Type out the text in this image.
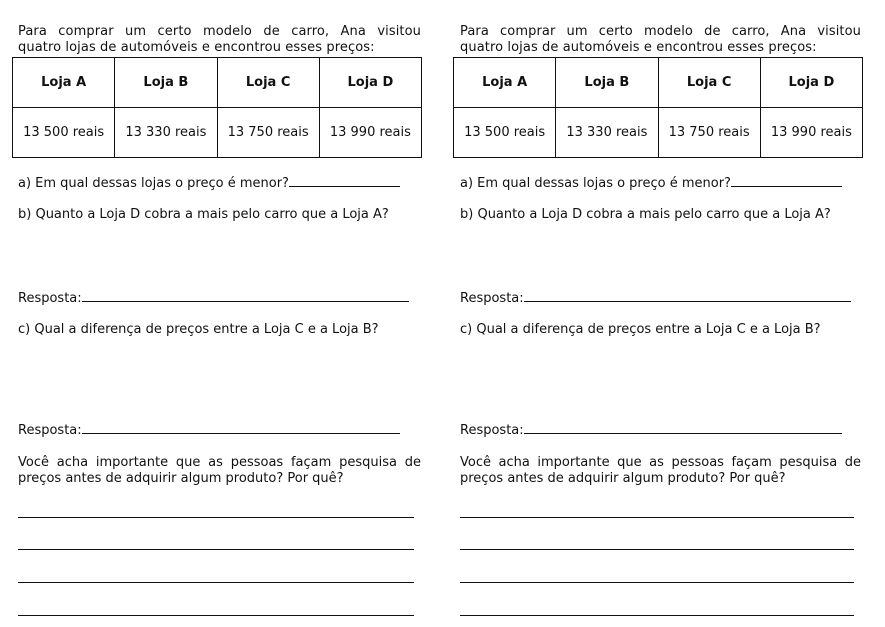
Para comprar um certo modelo de carro, Ana visitou
quatro lojas de automóveis e encontrou esses preços:
Loja A	Loja B	Loja C	Loja D
13 500 reais	13 330 reais	13 750 reais	13 990 reais
a) Em qual dessas lojas o preço é menor?
b) Quanto a Loja D cobra a mais pelo carro que a Loja A?
Resposta:
c) Qual a diferença de preços entre a Loja C e a Loja B?
Resposta:
Você acha importante que as pessoas façam pesquisa de
preços antes de adquirir algum produto? Por quê?
Para comprar um certo modelo de carro, Ana visitou
quatro lojas de automóveis e encontrou esses preços:
Loja A	Loja B	Loja C	Loja D
13 500 reais	13 330 reais	13 750 reais	13 990 reais
a) Em qual dessas lojas o preço é menor?
b) Quanto a Loja D cobra a mais pelo carro que a Loja A?
Resposta:
c) Qual a diferença de preços entre a Loja C e a Loja B?
Resposta:
Você acha importante que as pessoas façam pesquisa de
preços antes de adquirir algum produto? Por quê?
